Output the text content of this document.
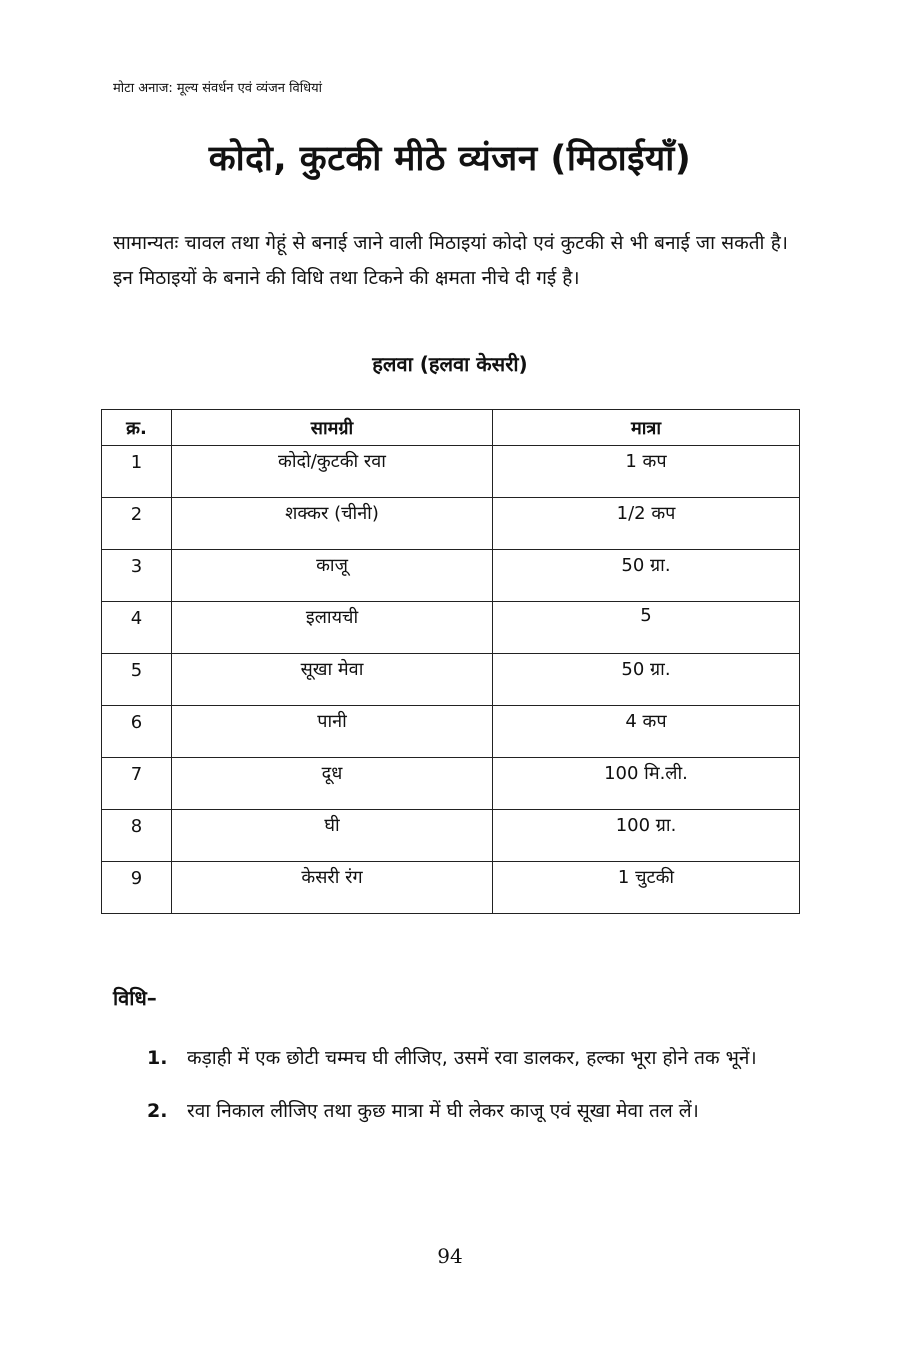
मोटा अनाज: मूल्य संवर्धन एवं व्यंजन विधियां
कोदो, कुटकी मीठे व्यंजन (मिठाईयाँ)

सामान्यतः चावल तथा गेहूं से बनाई जाने वाली मिठाइयां कोदो एवं कुटकी से भी बनाई जा सकती है। इन मिठाइयों के बनाने की विधि तथा टिकने की क्षमता नीचे दी गई है।

हलवा (हलवा केसरी)
क्र.	सामग्री	मात्रा
1	कोदो/कुटकी रवा	1 कप
2	शक्कर (चीनी)	1/2 कप
3	काजू	50 ग्रा.
4	इलायची	5
5	सूखा मेवा	50 ग्रा.
6	पानी	4 कप
7	दूध	100 मि.ली.
8	घी	100 ग्रा.
9	केसरी रंग	1 चुटकी
विधि–
1.	कड़ाही में एक छोटी चम्मच घी लीजिए, उसमें रवा डालकर, हल्का भूरा होने तक भूनें।
2.	रवा निकाल लीजिए तथा कुछ मात्रा में घी लेकर काजू एवं सूखा मेवा तल लें।
94
